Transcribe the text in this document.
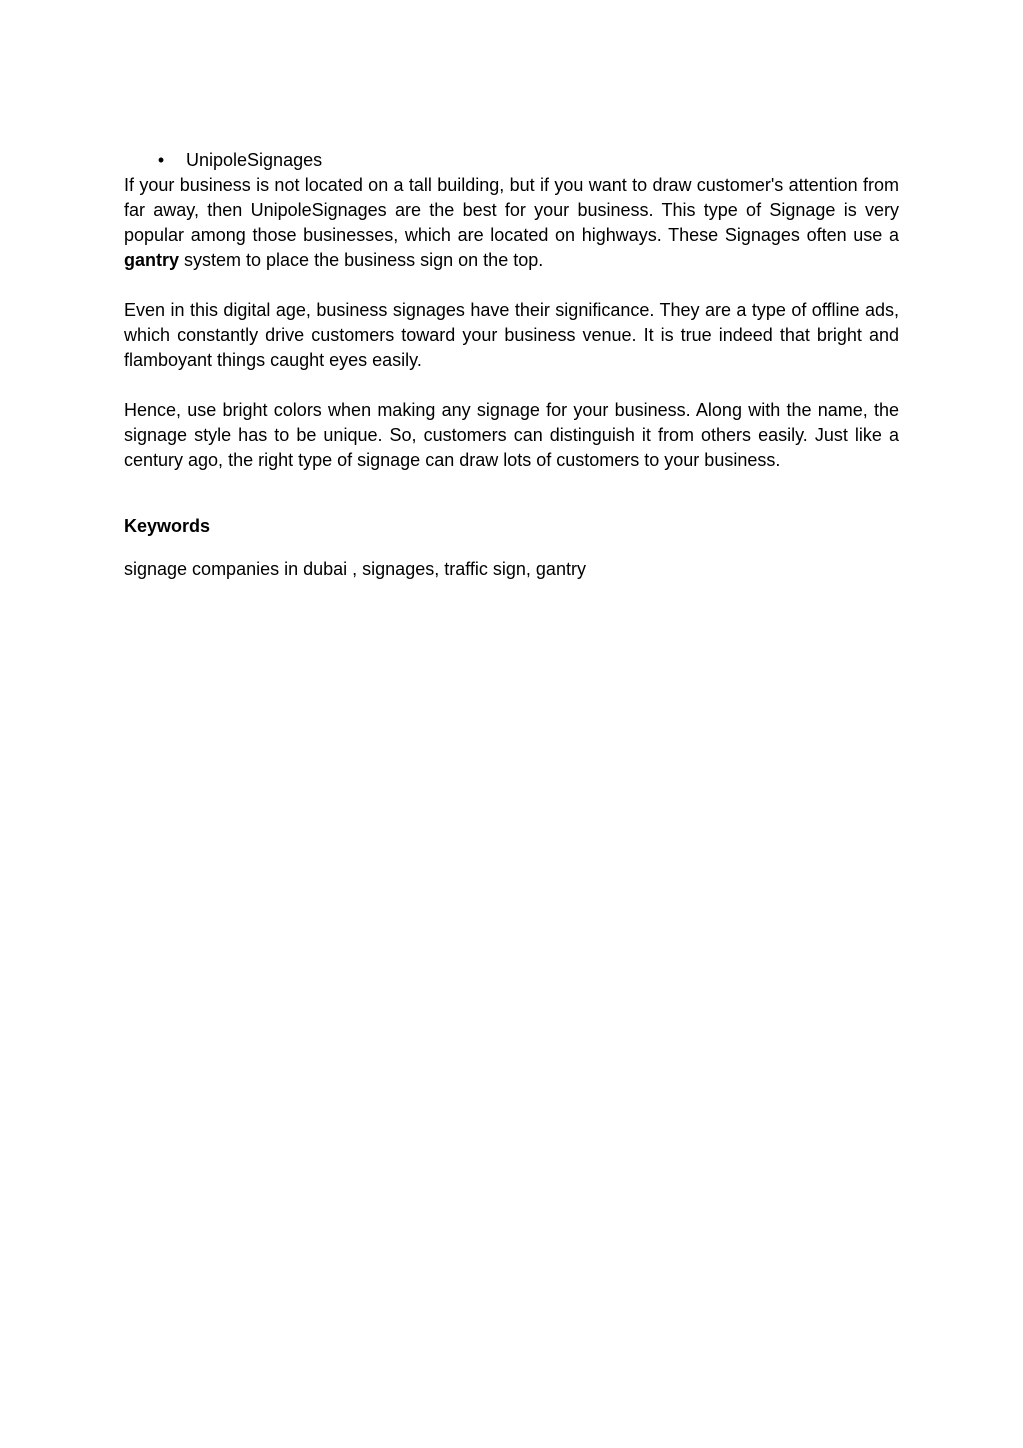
• UnipoleSignages

If your business is not located on a tall building, but if you want to draw customer's attention from far away, then UnipoleSignages are the best for your business. This type of Signage is very popular among those businesses, which are located on highways. These Signages often use a gantry system to place the business sign on the top.

Even in this digital age, business signages have their significance. They are a type of offline ads, which constantly drive customers toward your business venue. It is true indeed that bright and flamboyant things caught eyes easily.

Hence, use bright colors when making any signage for your business. Along with the name, the signage style has to be unique. So, customers can distinguish it from others easily. Just like a century ago, the right type of signage can draw lots of customers to your business.

Keywords
signage companies in dubai , signages, traffic sign, gantry
